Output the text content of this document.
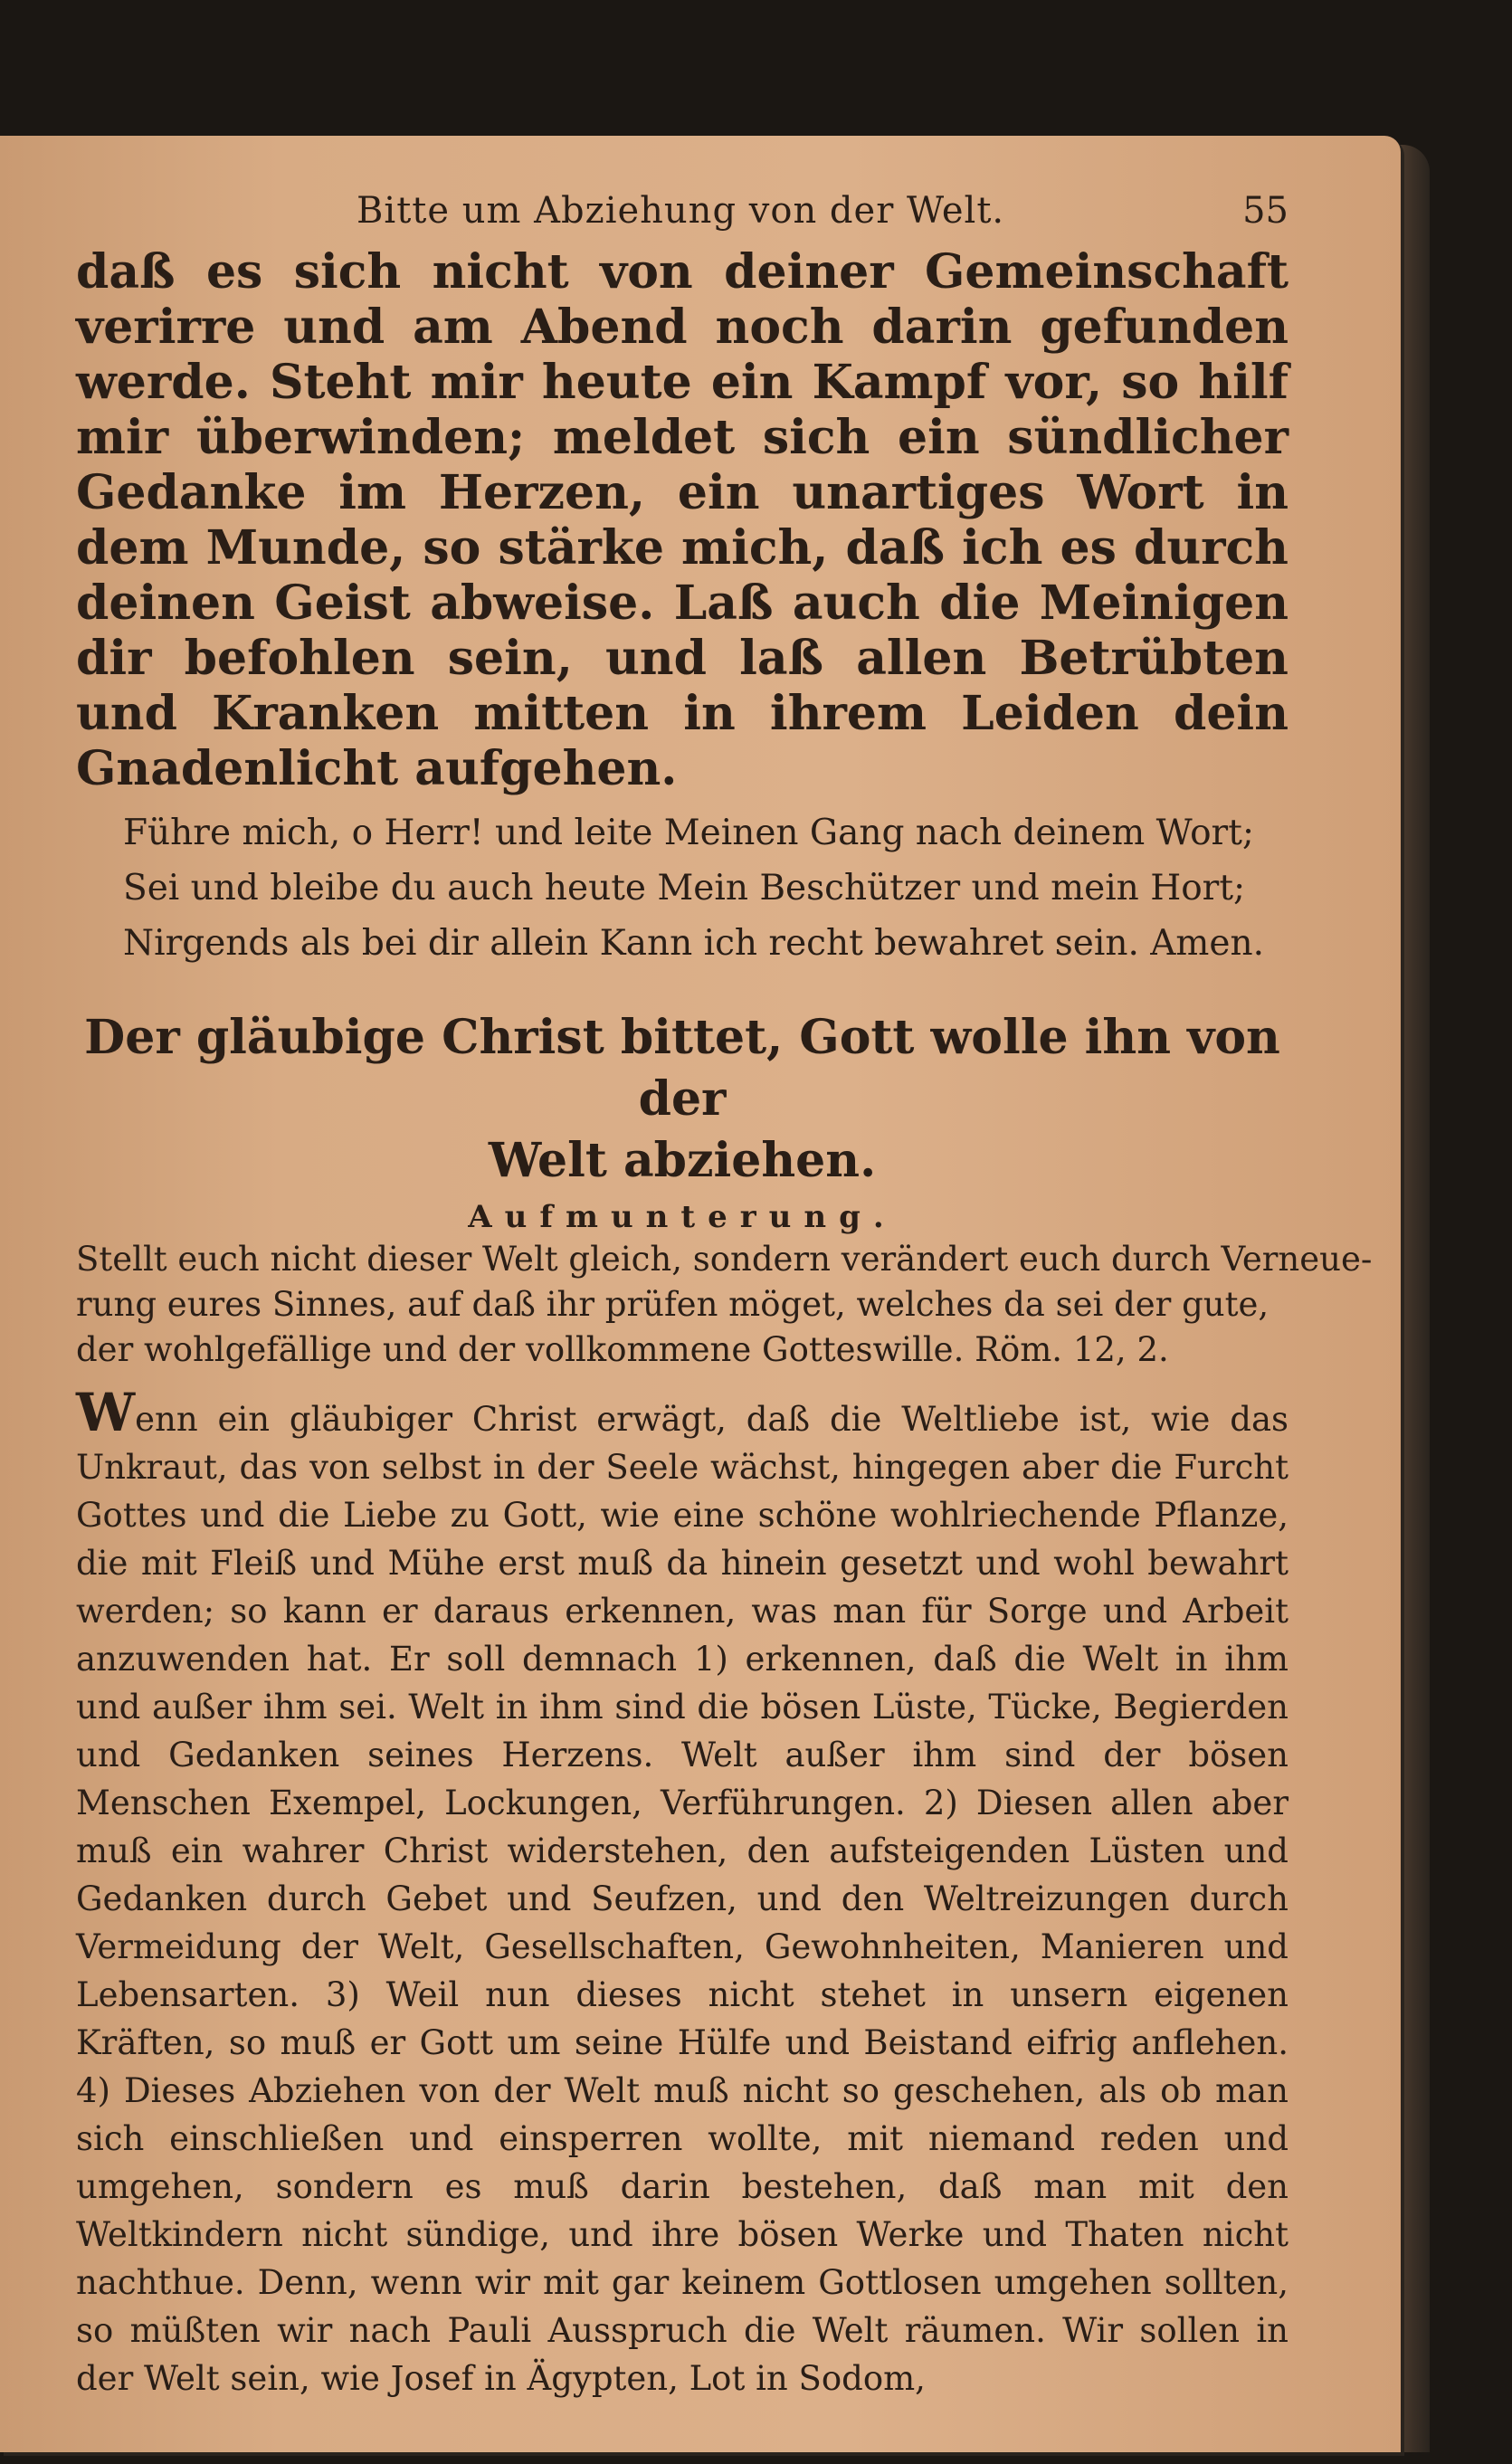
Bitte um Abziehung von der Welt.	55

daß es sich nicht von deiner Gemeinschaft verirre und am Abend noch darin gefunden werde. Steht mir heute ein Kampf vor, so hilf mir überwinden; meldet sich ein sündlicher Gedanke im Herzen, ein unartiges Wort in dem Munde, so stärke mich, daß ich es durch deinen Geist abweise. Laß auch die Meinigen dir befohlen sein, und laß allen Betrübten und Kranken mitten in ihrem Leiden dein Gnadenlicht aufgehen.

Führe mich, o Herr! und leite Meinen Gang nach deinem Wort;
Sei und bleibe du auch heute Mein Beschützer und mein Hort;
Nirgends als bei dir allein Kann ich recht bewahret sein. Amen.
Der gläubige Christ bittet, Gott wolle ihn von der
Welt abziehen.
Aufmunterung.
Stellt euch nicht dieser Welt gleich, sondern verändert euch durch Verneue-
rung eures Sinnes, auf daß ihr prüfen möget, welches da sei der gute,
der wohlgefällige und der vollkommene Gotteswille. Röm. 12, 2.

Wenn ein gläubiger Christ erwägt, daß die Weltliebe ist, wie das Unkraut, das von selbst in der Seele wächst, hingegen aber die Furcht Gottes und die Liebe zu Gott, wie eine schöne wohlriechende Pflanze, die mit Fleiß und Mühe erst muß da hinein gesetzt und wohl bewahrt werden; so kann er daraus erkennen, was man für Sorge und Arbeit anzuwenden hat. Er soll demnach 1) erkennen, daß die Welt in ihm und außer ihm sei. Welt in ihm sind die bösen Lüste, Tücke, Begierden und Gedanken seines Herzens. Welt außer ihm sind der bösen Menschen Exempel, Lockungen, Verführungen. 2) Diesen allen aber muß ein wahrer Christ widerstehen, den aufsteigenden Lüsten und Gedanken durch Gebet und Seufzen, und den Weltreizungen durch Vermeidung der Welt, Gesellschaften, Gewohnheiten, Manieren und Lebensarten. 3) Weil nun dieses nicht stehet in unsern eigenen Kräften, so muß er Gott um seine Hülfe und Beistand eifrig anflehen. 4) Dieses Abziehen von der Welt muß nicht so geschehen, als ob man sich einschließen und einsperren wollte, mit niemand reden und umgehen, sondern es muß darin bestehen, daß man mit den Weltkindern nicht sündige, und ihre bösen Werke und Thaten nicht nachthue. Denn, wenn wir mit gar keinem Gottlosen umgehen sollten, so müßten wir nach Pauli Ausspruch die Welt räumen. Wir sollen in der Welt sein, wie Josef in Ägypten, Lot in Sodom,
